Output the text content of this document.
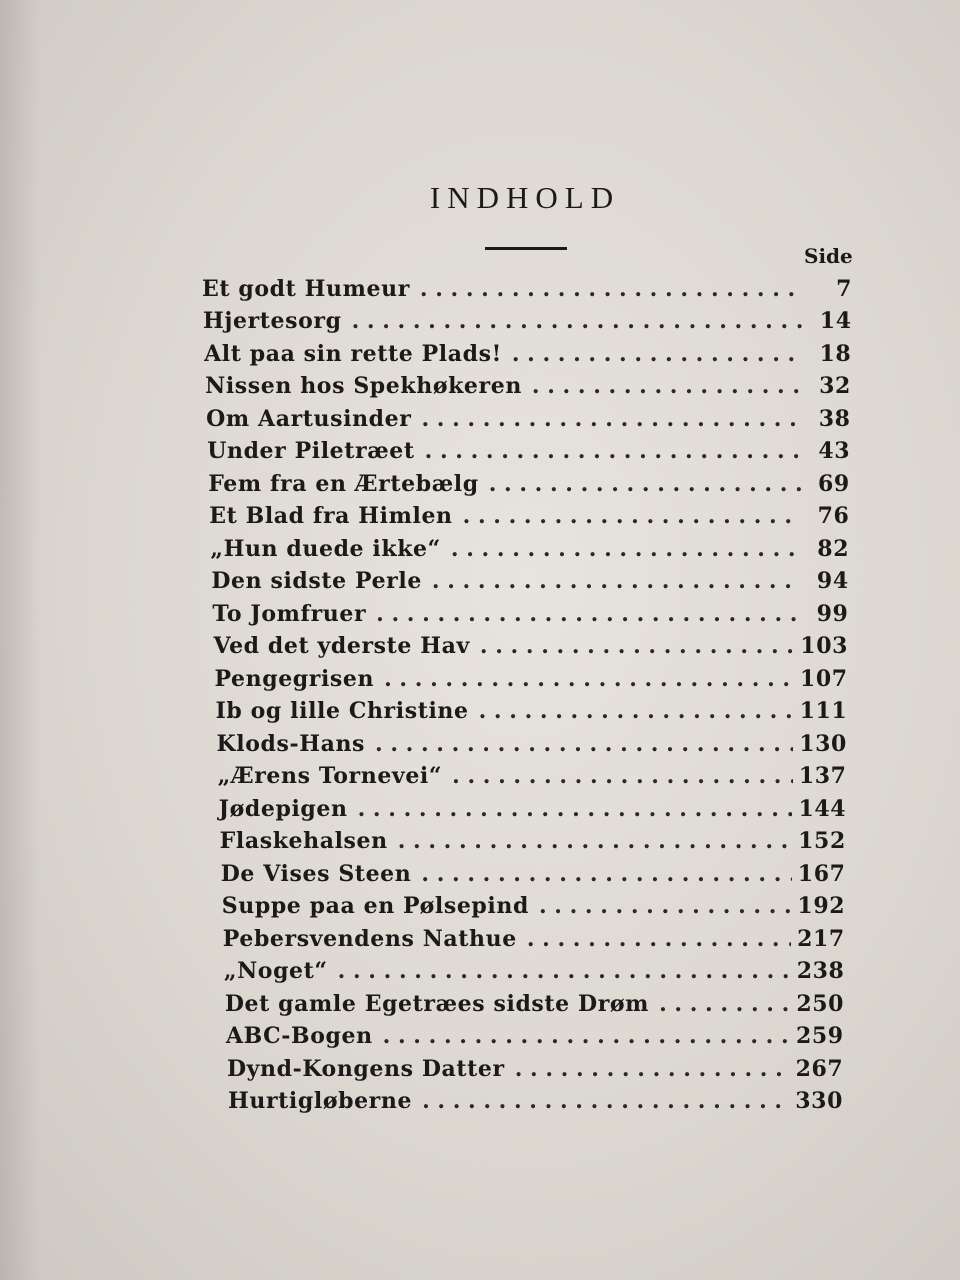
INDHOLD
Side
Et godt Humeur . . .	7
Hjertesorg . . .	14
Alt paa sin rette Plads! . . .	18
Nissen hos Spekhøkeren . . .	32
Om Aartusinder . . .	38
Under Piletræet . . .	43
Fem fra en Ærtebælg . . .	69
Et Blad fra Himlen . . .	76
„Hun duede ikke“ . . .	82
Den sidste Perle . . .	94
To Jomfruer . . .	99
Ved det yderste Hav . . .	103
Pengegrisen . . .	107
Ib og lille Christine . . .	111
Klods-Hans . . .	130
„Ærens Tornevei“ . . .	137
Jødepigen . . .	144
Flaskehalsen . . .	152
De Vises Steen . . .	167
Suppe paa en Pølsepind . . .	192
Pebersvendens Nathue . . .	217
„Noget“ . . .	238
Det gamle Egetræes sidste Drøm . . .	250
ABC-Bogen . . .	259
Dynd-Kongens Datter . . .	267
Hurtigløberne . . .	330
